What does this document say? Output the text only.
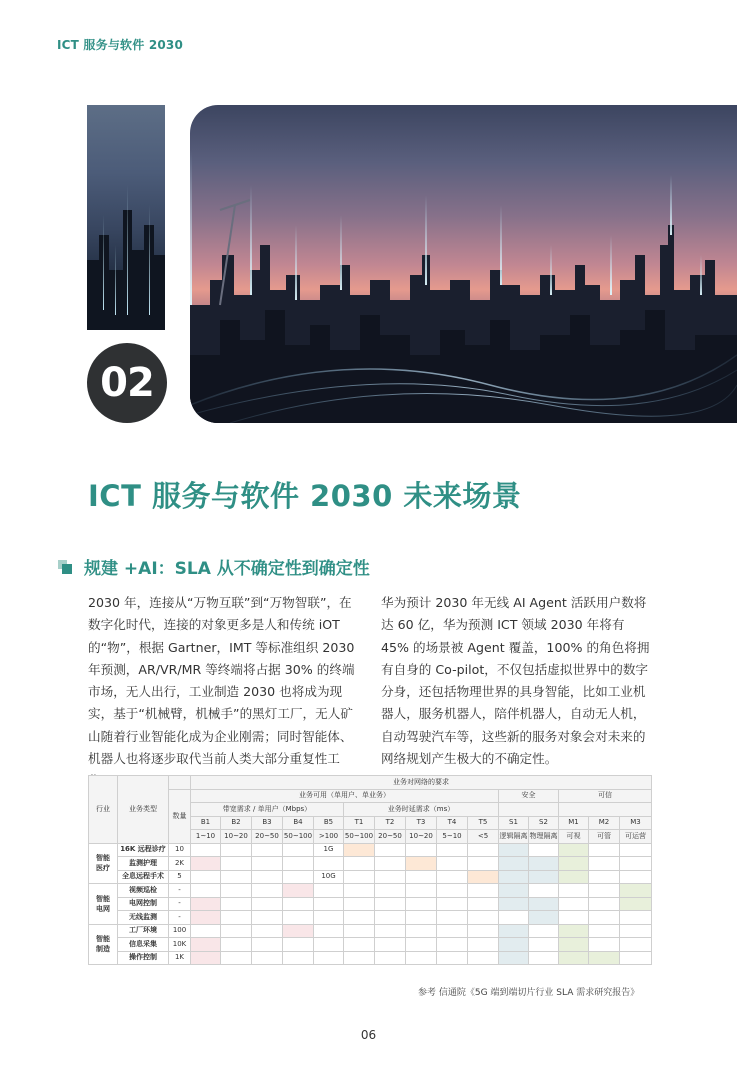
ICT 服务与软件 2030
02
ICT 服务与软件 2030 未来场景
规建 +AI：SLA 从不确定性到确定性
2030 年，连接从“万物互联”到“万物智联”，在数字化时代，连接的对象更多是人和传统 iOT 的“物”，根据 Gartner，IMT 等标准组织 2030 年预测，AR/VR/MR 等终端将占据 30% 的终端市场，无人出行，工业制造 2030 也将成为现实，基于“机械臂，机械手”的黑灯工厂，无人矿山随着行业智能化成为企业刚需；同时智能体、机器人也将逐步取代当前人类大部分重复性工
华为预计 2030 年无线 AI Agent 活跃用户数将达 60 亿，华为预测 ICT 领域 2030 年将有 45% 的场景被 Agent 覆盖，100% 的角色将拥有自身的 Co-pilot，不仅包括虚拟世界中的数字分身，还包括物理世界的具身智能，比如工业机器人，服务机器人，陪伴机器人，自动无人机，自动驾驶汽车等，这些新的服务对象会对未来的网络规划产生极大的不确定性。
行业	业务类型		业务对网络的要求														
		数量	业务可用（单用户、单业务）										安全		可信		
			带宽需求 / 单用户（Mbps）					业务时延需求（ms）									
			B1	B2	B3	B4	B5	T1	T2	T3	T4	T5	S1	S2	M1	M2	M3
			1~10	10~20	20~50	50~100	>100	50~100	20~50	10~20	5~10	<5	逻辑隔离	物理隔离	可视	可管	可运营
智能医疗	16K 远程诊疗	10					1G										
	监测护理	2K															
	全息远程手术	5					10G										
智能电网	视频巡检	-															
	电网控制	-															
	无线监测	-															
智能制造	工厂环境	100															
	信息采集	10K															
	操作控制	1K															
参考 信通院《5G 端到端切片行业 SLA 需求研究报告》
06
